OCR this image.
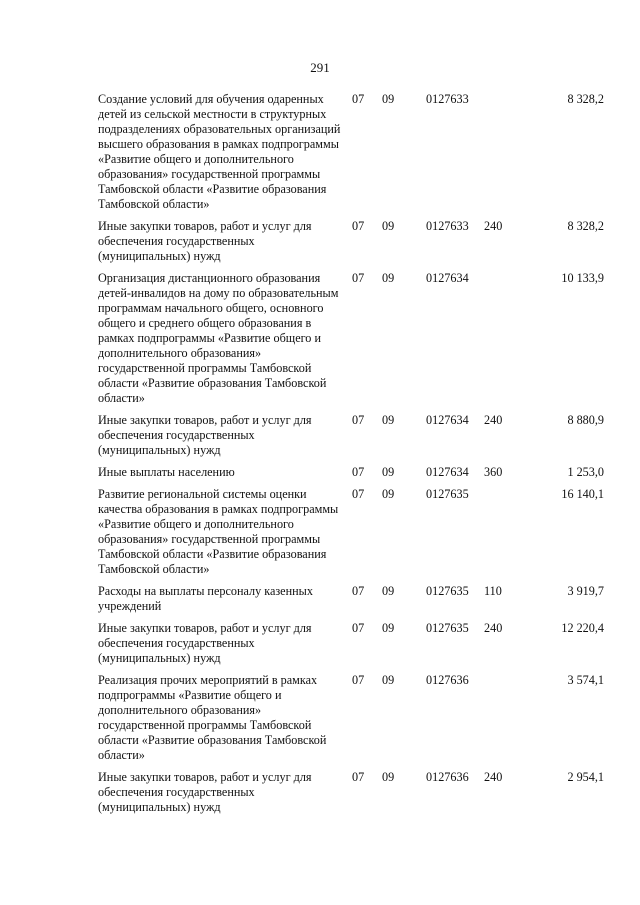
291
Создание условий для обучения одаренных детей из сельской местности в структурных подразделениях образовательных организаций высшего образования в рамках подпрограммы «Развитие общего и дополнительного образования» государственной программы Тамбовской области «Развитие образования Тамбовской области»	07	09	0127633		8 328,2
Иные закупки товаров, работ и услуг для обеспечения государственных (муниципальных) нужд	07	09	0127633	240	8 328,2
Организация дистанционного образования детей-инвалидов на дому по образовательным программам начального общего, основного общего и среднего общего образования в рамках подпрограммы «Развитие общего и дополнительного образования» государственной программы Тамбовской области «Развитие образования Тамбовской области»	07	09	0127634		10 133,9
Иные закупки товаров, работ и услуг для обеспечения государственных (муниципальных) нужд	07	09	0127634	240	8 880,9
Иные выплаты населению	07	09	0127634	360	1 253,0
Развитие региональной системы оценки качества образования в рамках подпрограммы «Развитие общего и дополнительного образования» государственной программы Тамбовской области «Развитие образования Тамбовской области»	07	09	0127635		16 140,1
Расходы на выплаты персоналу казенных учреждений	07	09	0127635	110	3 919,7
Иные закупки товаров, работ и услуг для обеспечения государственных (муниципальных) нужд	07	09	0127635	240	12 220,4
Реализация прочих мероприятий в рамках подпрограммы «Развитие общего и дополнительного образования» государственной программы Тамбовской области «Развитие образования Тамбовской области»	07	09	0127636		3 574,1
Иные закупки товаров, работ и услуг для обеспечения государственных (муниципальных) нужд	07	09	0127636	240	2 954,1
